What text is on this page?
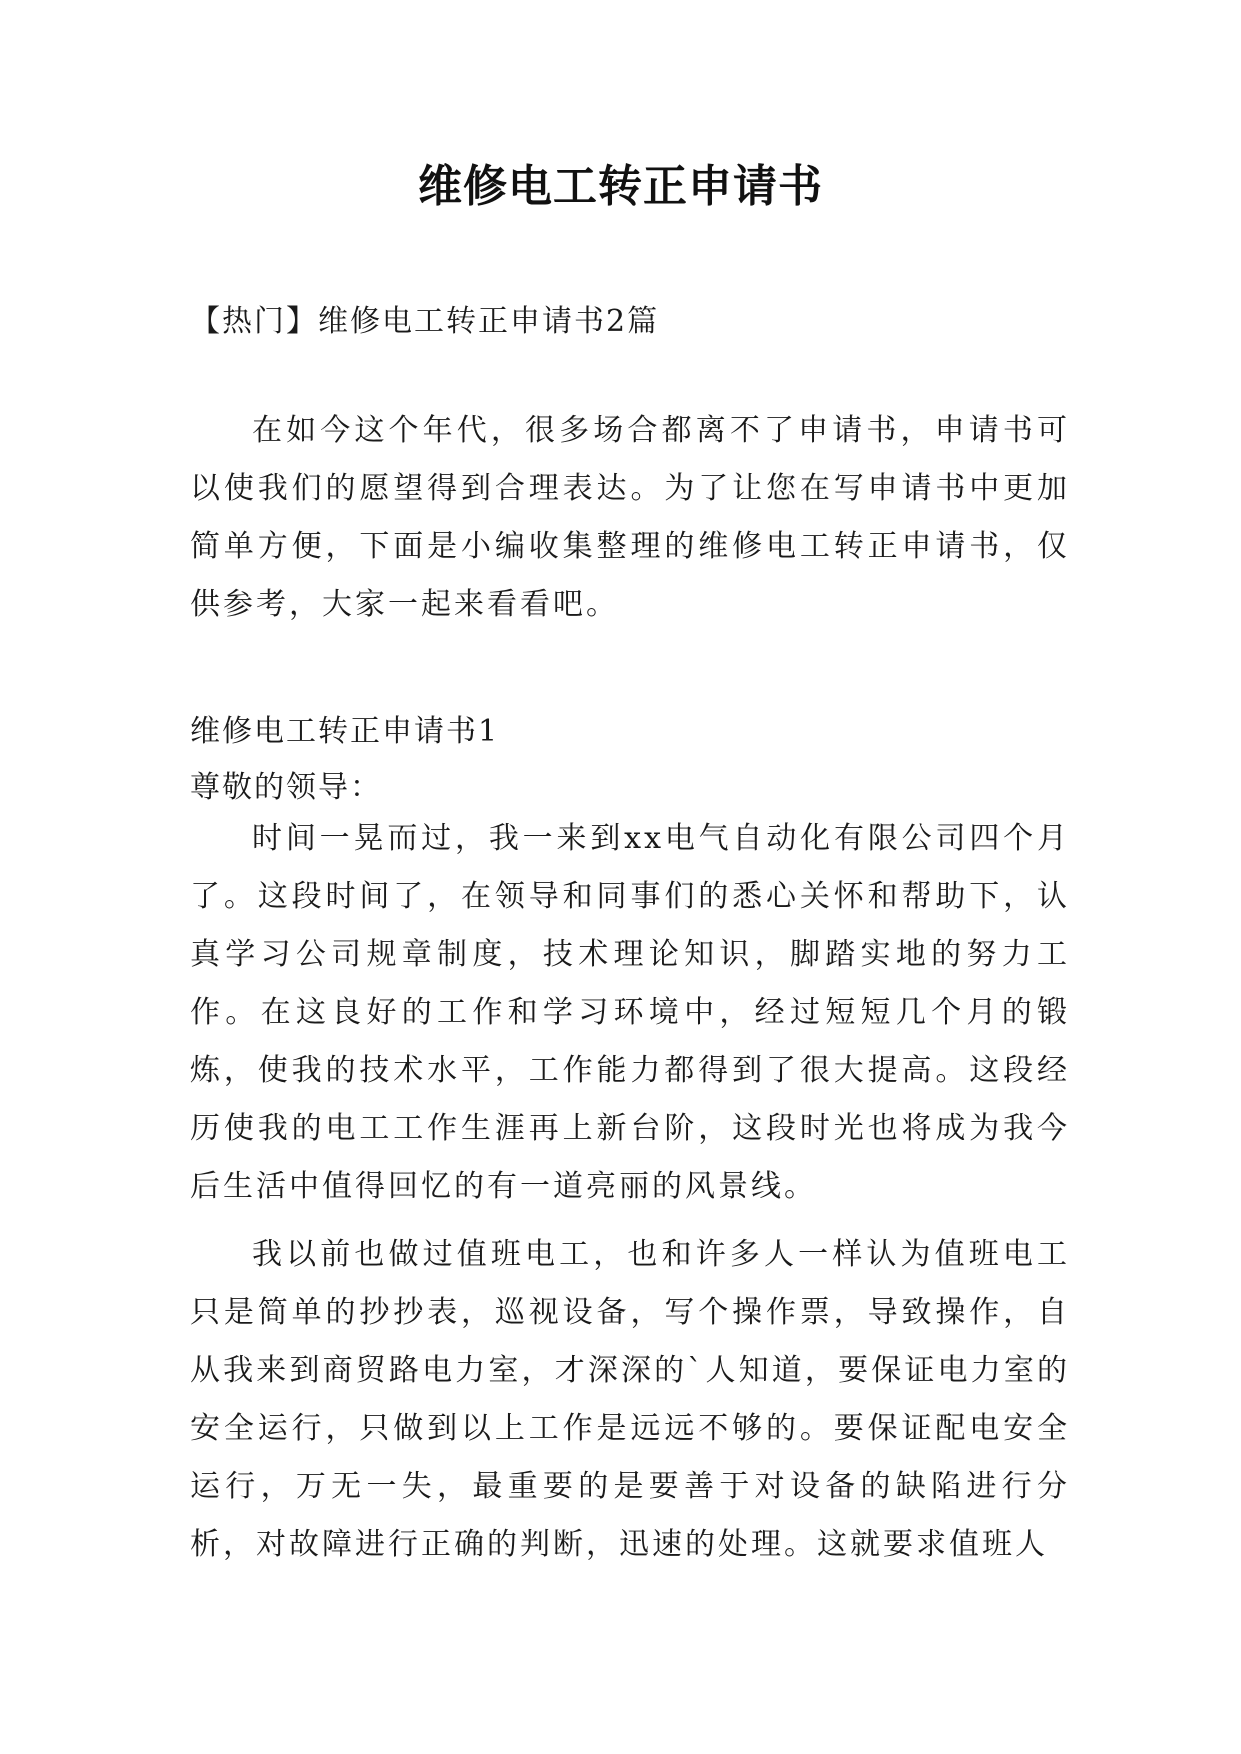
维修电工转正申请书
【热门】维修电工转正申请书2篇
在如今这个年代，很多场合都离不了申请书，申请书可以使我们的愿望得到合理表达。为了让您在写申请书中更加简单方便，下面是小编收集整理的维修电工转正申请书，仅供参考，大家一起来看看吧。
维修电工转正申请书1
尊敬的领导：
时间一晃而过，我一来到xx电气自动化有限公司四个月了。这段时间了，在领导和同事们的悉心关怀和帮助下，认真学习公司规章制度，技术理论知识，脚踏实地的努力工作。在这良好的工作和学习环境中，经过短短几个月的锻炼，使我的技术水平，工作能力都得到了很大提高。这段经历使我的电工工作生涯再上新台阶，这段时光也将成为我今后生活中值得回忆的有一道亮丽的风景线。
我以前也做过值班电工，也和许多人一样认为值班电工只是简单的抄抄表，巡视设备，写个操作票，导致操作，自从我来到商贸路电力室，才深深的`人知道，要保证电力室的安全运行，只做到以上工作是远远不够的。要保证配电安全运行，万无一失，最重要的是要善于对设备的缺陷进行分析，对故障进行正确的判断，迅速的处理。这就要求值班人
